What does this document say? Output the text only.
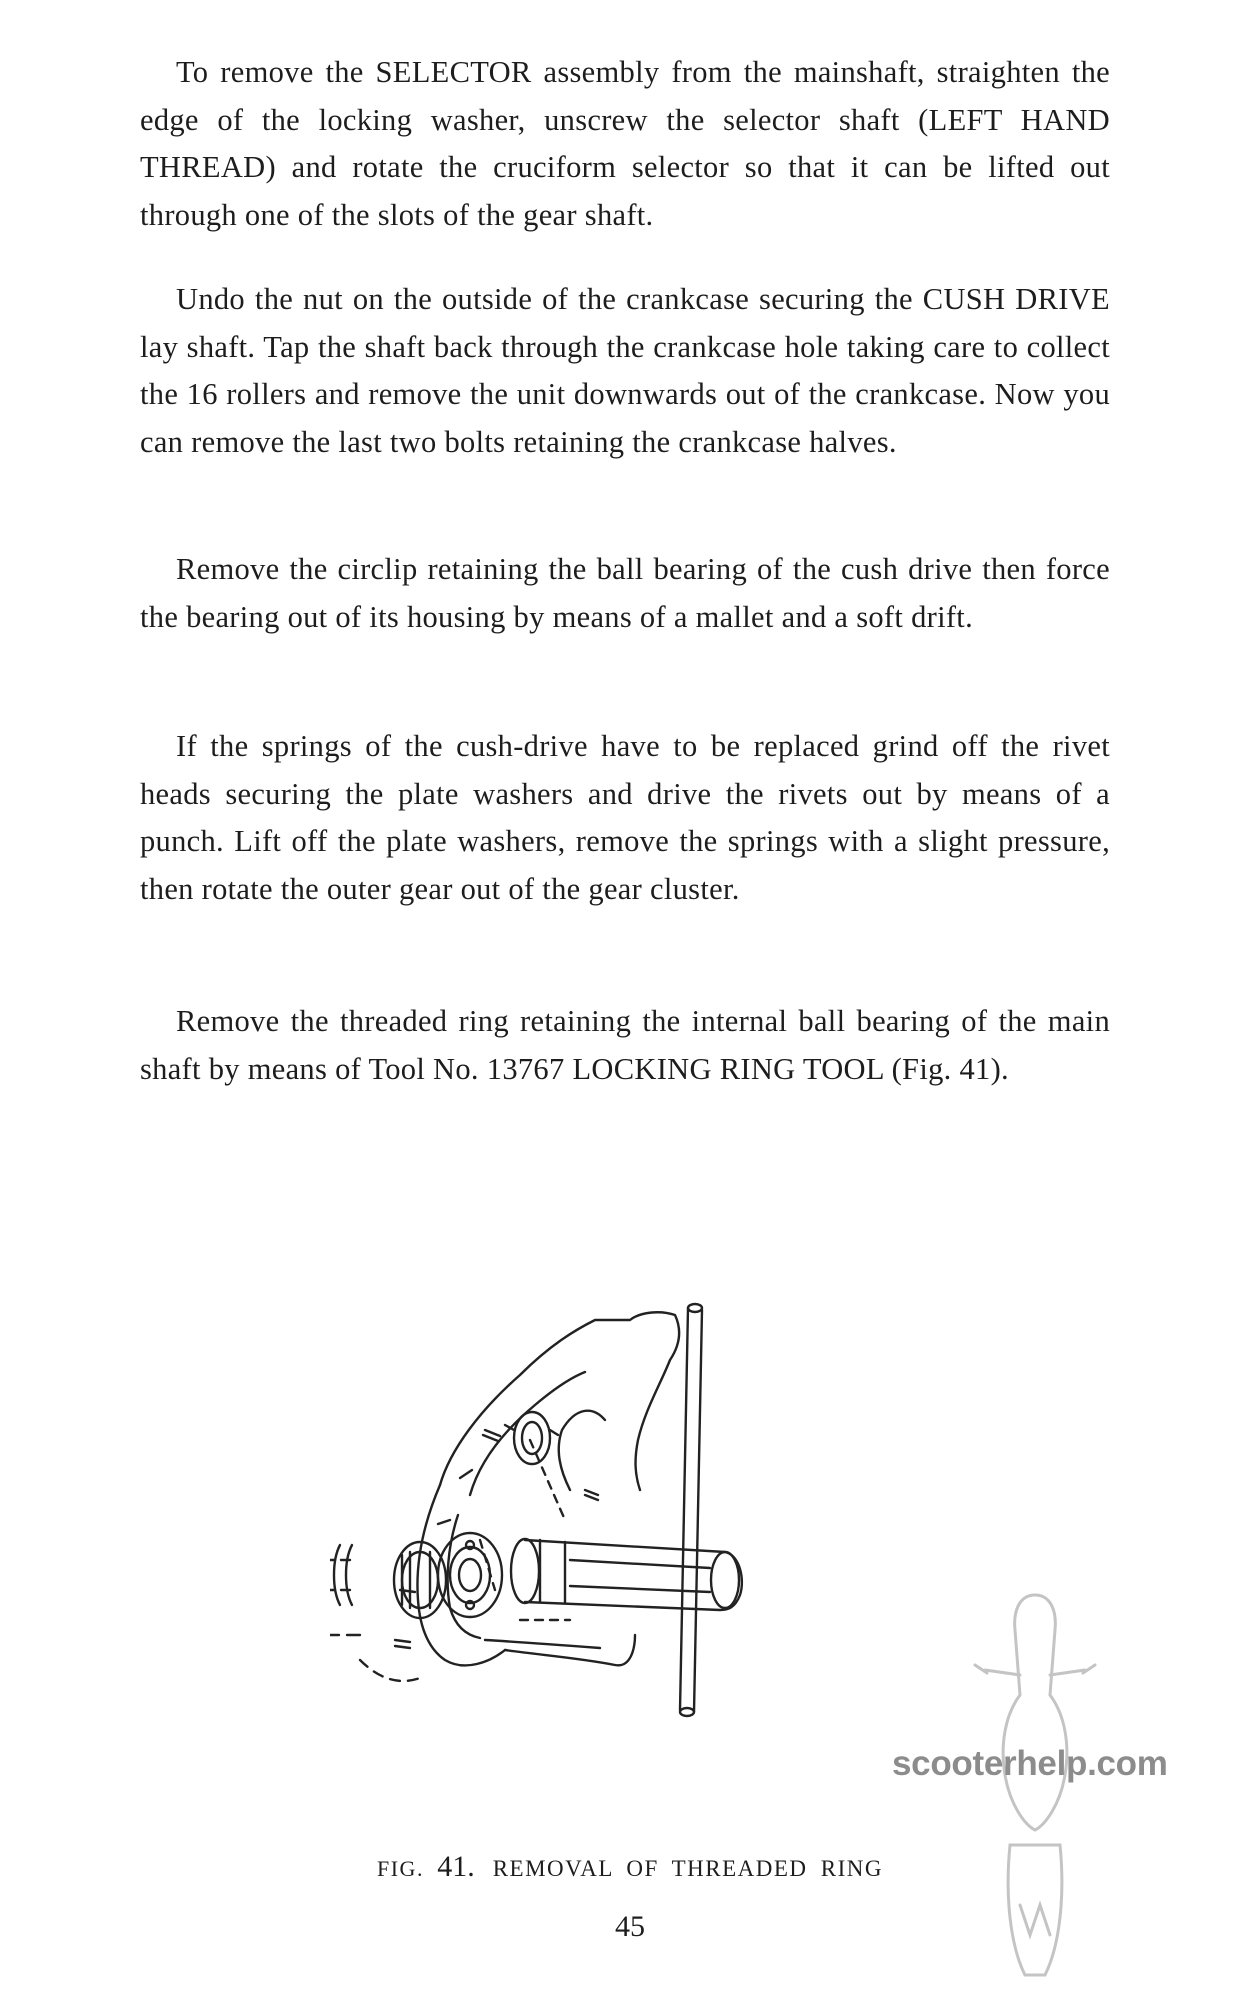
To remove the SELECTOR assembly from the mainshaft, straighten the edge of the locking washer, unscrew the selector shaft (LEFT HAND THREAD) and rotate the cruciform selector so that it can be lifted out through one of the slots of the gear shaft.

Undo the nut on the outside of the crankcase securing the CUSH DRIVE lay shaft. Tap the shaft back through the crankcase hole taking care to collect the 16 rollers and remove the unit downwards out of the crankcase. Now you can remove the last two bolts retaining the crankcase halves.

Remove the circlip retaining the ball bearing of the cush drive then force the bearing out of its housing by means of a mallet and a soft drift.

If the springs of the cush-drive have to be replaced grind off the rivet heads securing the plate washers and drive the rivets out by means of a punch. Lift off the plate washers, remove the springs with a slight pressure, then rotate the outer gear out of the gear cluster.

Remove the threaded ring retaining the internal ball bearing of the main shaft by means of Tool No. 13767 LOCKING RING TOOL (Fig. 41).

FIG. 41. REMOVAL OF THREADED RING
45
scooterhelp.com
